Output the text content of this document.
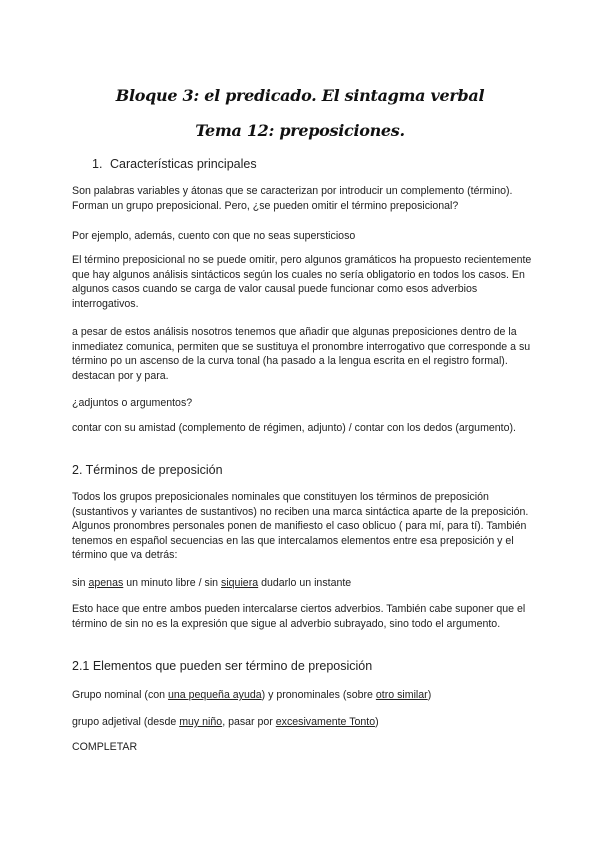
Bloque 3: el predicado. El sintagma verbal
Tema 12: preposiciones.
1. Características principales
Son palabras variables y átonas que se caracterizan por introducir un complemento (término). Forman un grupo preposicional. Pero, ¿se pueden omitir el término preposicional?
Por ejemplo, además, cuento con que no seas supersticioso
El término preposicional no se puede omitir, pero algunos gramáticos ha propuesto recientemente que hay algunos análisis sintácticos según los cuales no sería obligatorio en todos los casos. En algunos casos cuando se carga de valor causal puede funcionar como esos adverbios interrogativos.
a pesar de estos análisis nosotros tenemos que añadir que algunas preposiciones dentro de la inmediatez comunica, permiten que se sustituya el pronombre interrogativo que corresponde a su término po un ascenso de la curva tonal (ha pasado a la lengua escrita en el registro formal). destacan por y para.
¿adjuntos o argumentos?
contar con su amistad (complemento de régimen, adjunto) / contar con los dedos (argumento).
2. Términos de preposición
Todos los grupos preposicionales nominales que constituyen los términos de preposición (sustantivos y variantes de sustantivos) no reciben una marca sintáctica aparte de la preposición. Algunos pronombres personales ponen de manifiesto el caso oblicuo ( para mí, para tí). También tenemos en español secuencias en las que intercalamos elementos entre esa preposición y el término que va detrás:
sin apenas un minuto libre / sin siquiera dudarlo un instante
Esto hace que entre ambos pueden intercalarse ciertos adverbios. También cabe suponer que el término de sin no es la expresión que sigue al adverbio subrayado, sino todo el argumento.
2.1 Elementos que pueden ser término de preposición
Grupo nominal (con una pequeña ayuda) y pronominales (sobre otro similar)
grupo adjetival (desde muy niño, pasar por excesivamente Tonto)
COMPLETAR
